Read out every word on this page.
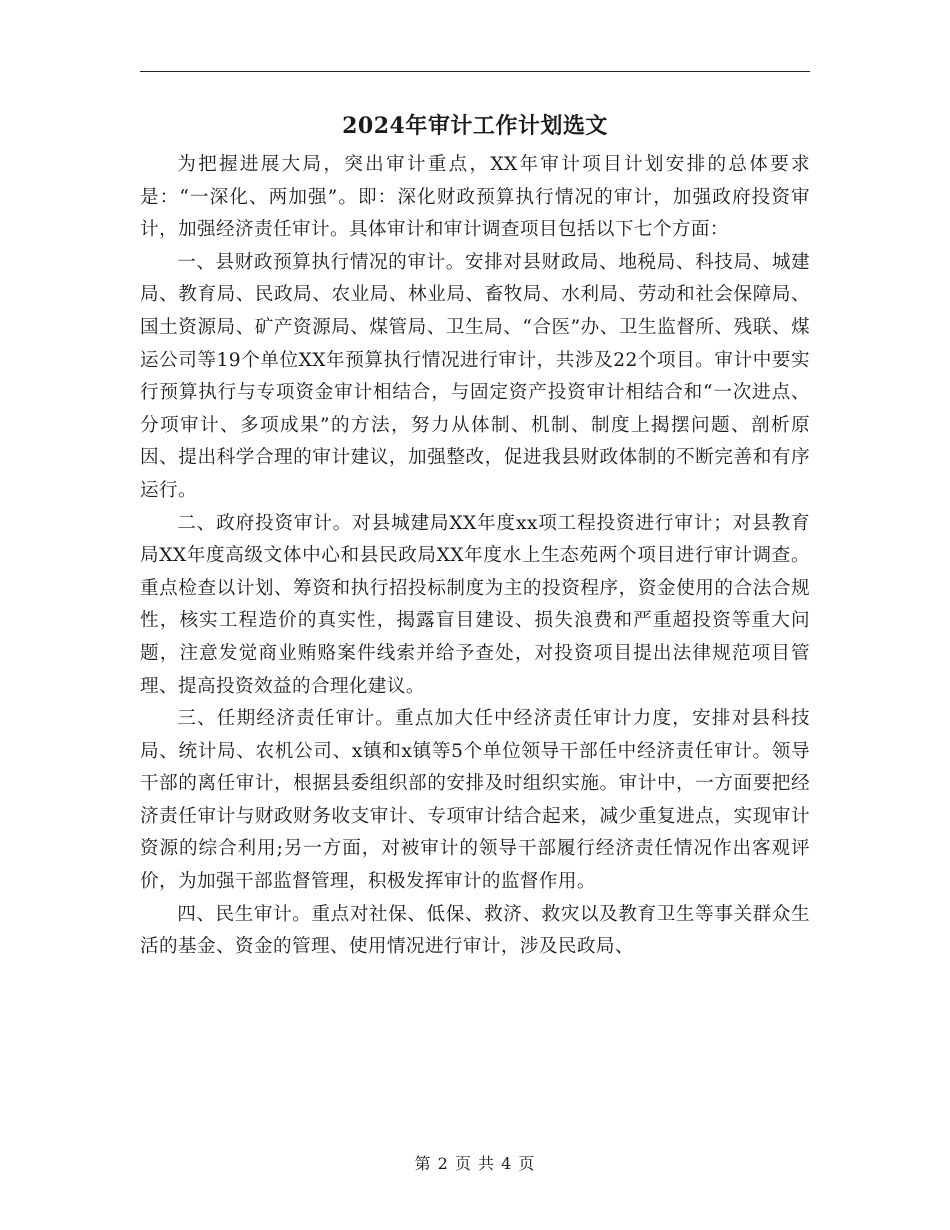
2024年审计工作计划选文

为把握进展大局，突出审计重点，XX年审计项目计划安排的总体要求是：“一深化、两加强”。即：深化财政预算执行情况的审计，加强政府投资审计，加强经济责任审计。具体审计和审计调查项目包括以下七个方面：

一、县财政预算执行情况的审计。安排对县财政局、地税局、科技局、城建局、教育局、民政局、农业局、林业局、畜牧局、水利局、劳动和社会保障局、国土资源局、矿产资源局、煤管局、卫生局、“合医”办、卫生监督所、残联、煤运公司等19个单位XX年预算执行情况进行审计，共涉及22个项目。审计中要实行预算执行与专项资金审计相结合，与固定资产投资审计相结合和“一次进点、分项审计、多项成果”的方法，努力从体制、机制、制度上揭摆问题、剖析原因、提出科学合理的审计建议，加强整改，促进我县财政体制的不断完善和有序运行。

二、政府投资审计。对县城建局XX年度xx项工程投资进行审计；对县教育局XX年度高级文体中心和县民政局XX年度水上生态苑两个项目进行审计调查。重点检查以计划、筹资和执行招投标制度为主的投资程序，资金使用的合法合规性，核实工程造价的真实性，揭露盲目建设、损失浪费和严重超投资等重大问题，注意发觉商业贿赂案件线索并给予查处，对投资项目提出法律规范项目管理、提高投资效益的合理化建议。

三、任期经济责任审计。重点加大任中经济责任审计力度，安排对县科技局、统计局、农机公司、x镇和x镇等5个单位领导干部任中经济责任审计。领导干部的离任审计，根据县委组织部的安排及时组织实施。审计中，一方面要把经济责任审计与财政财务收支审计、专项审计结合起来，减少重复进点，实现审计资源的综合利用;另一方面，对被审计的领导干部履行经济责任情况作出客观评价，为加强干部监督管理，积极发挥审计的监督作用。

四、民生审计。重点对社保、低保、救济、救灾以及教育卫生等事关群众生活的基金、资金的管理、使用情况进行审计，涉及民政局、

第 2 页 共 4 页
